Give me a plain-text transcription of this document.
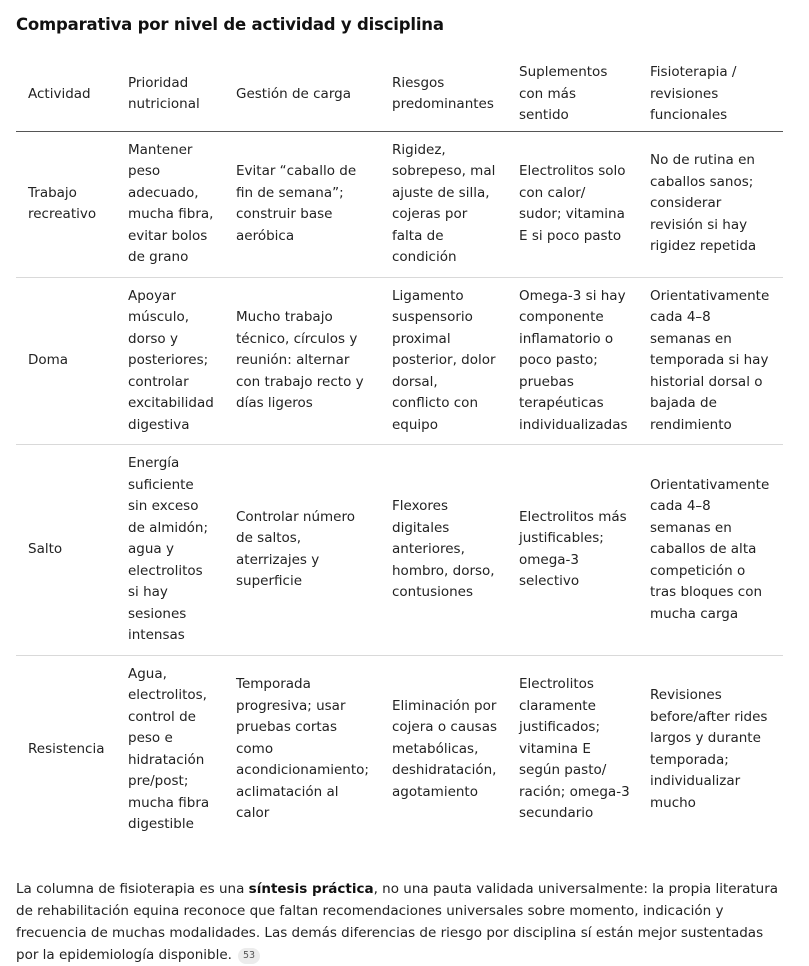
Comparativa por nivel de actividad y disciplina
Actividad	Prioridad nutricional	Gestión de carga	Riesgos predominantes	Suplementos con más sentido	Fisioterapia / revisiones funcionales
Trabajo recreativo	Mantener peso adecuado, mucha fibra, evitar bolos de grano	Evitar “caballo de fin de semana”; construir base aeróbica	Rigidez, sobrepeso, mal ajuste de silla, cojeras por falta de condición	Electrolitos solo con calor/ sudor; vitamina E si poco pasto	No de rutina en caballos sanos; considerar revisión si hay rigidez repetida
Doma	Apoyar músculo, dorso y posteriores; controlar excitabilidad digestiva	Mucho trabajo técnico, círculos y reunión: alternar con trabajo recto y días ligeros	Ligamento suspensorio proximal posterior, dolor dorsal, conflicto con equipo	Omega-3 si hay componente inflamatorio o poco pasto; pruebas terapéuticas individualizadas	Orientativamente cada 4–8 semanas en temporada si hay historial dorsal o bajada de rendimiento
Salto	Energía suficiente sin exceso de almidón; agua y electrolitos si hay sesiones intensas	Controlar número de saltos, aterrizajes y superficie	Flexores digitales anteriores, hombro, dorso, contusiones	Electrolitos más justificables; omega-3 selectivo	Orientativamente cada 4–8 semanas en caballos de alta competición o tras bloques con mucha carga
Resistencia	Agua, electrolitos, control de peso e hidratación pre/post; mucha fibra digestible	Temporada progresiva; usar pruebas cortas como acondicionamiento; aclimatación al calor	Eliminación por cojera o causas metabólicas, deshidratación, agotamiento	Electrolitos claramente justificados; vitamina E según pasto/ ración; omega-3 secundario	Revisiones before/after rides largos y durante temporada; individualizar mucho

La columna de fisioterapia es una síntesis práctica, no una pauta validada universalmente: la propia literatura de rehabilitación equina reconoce que faltan recomendaciones universales sobre momento, indicación y frecuencia de muchas modalidades. Las demás diferencias de riesgo por disciplina sí están mejor sustentadas por la epidemiología disponible. 53
